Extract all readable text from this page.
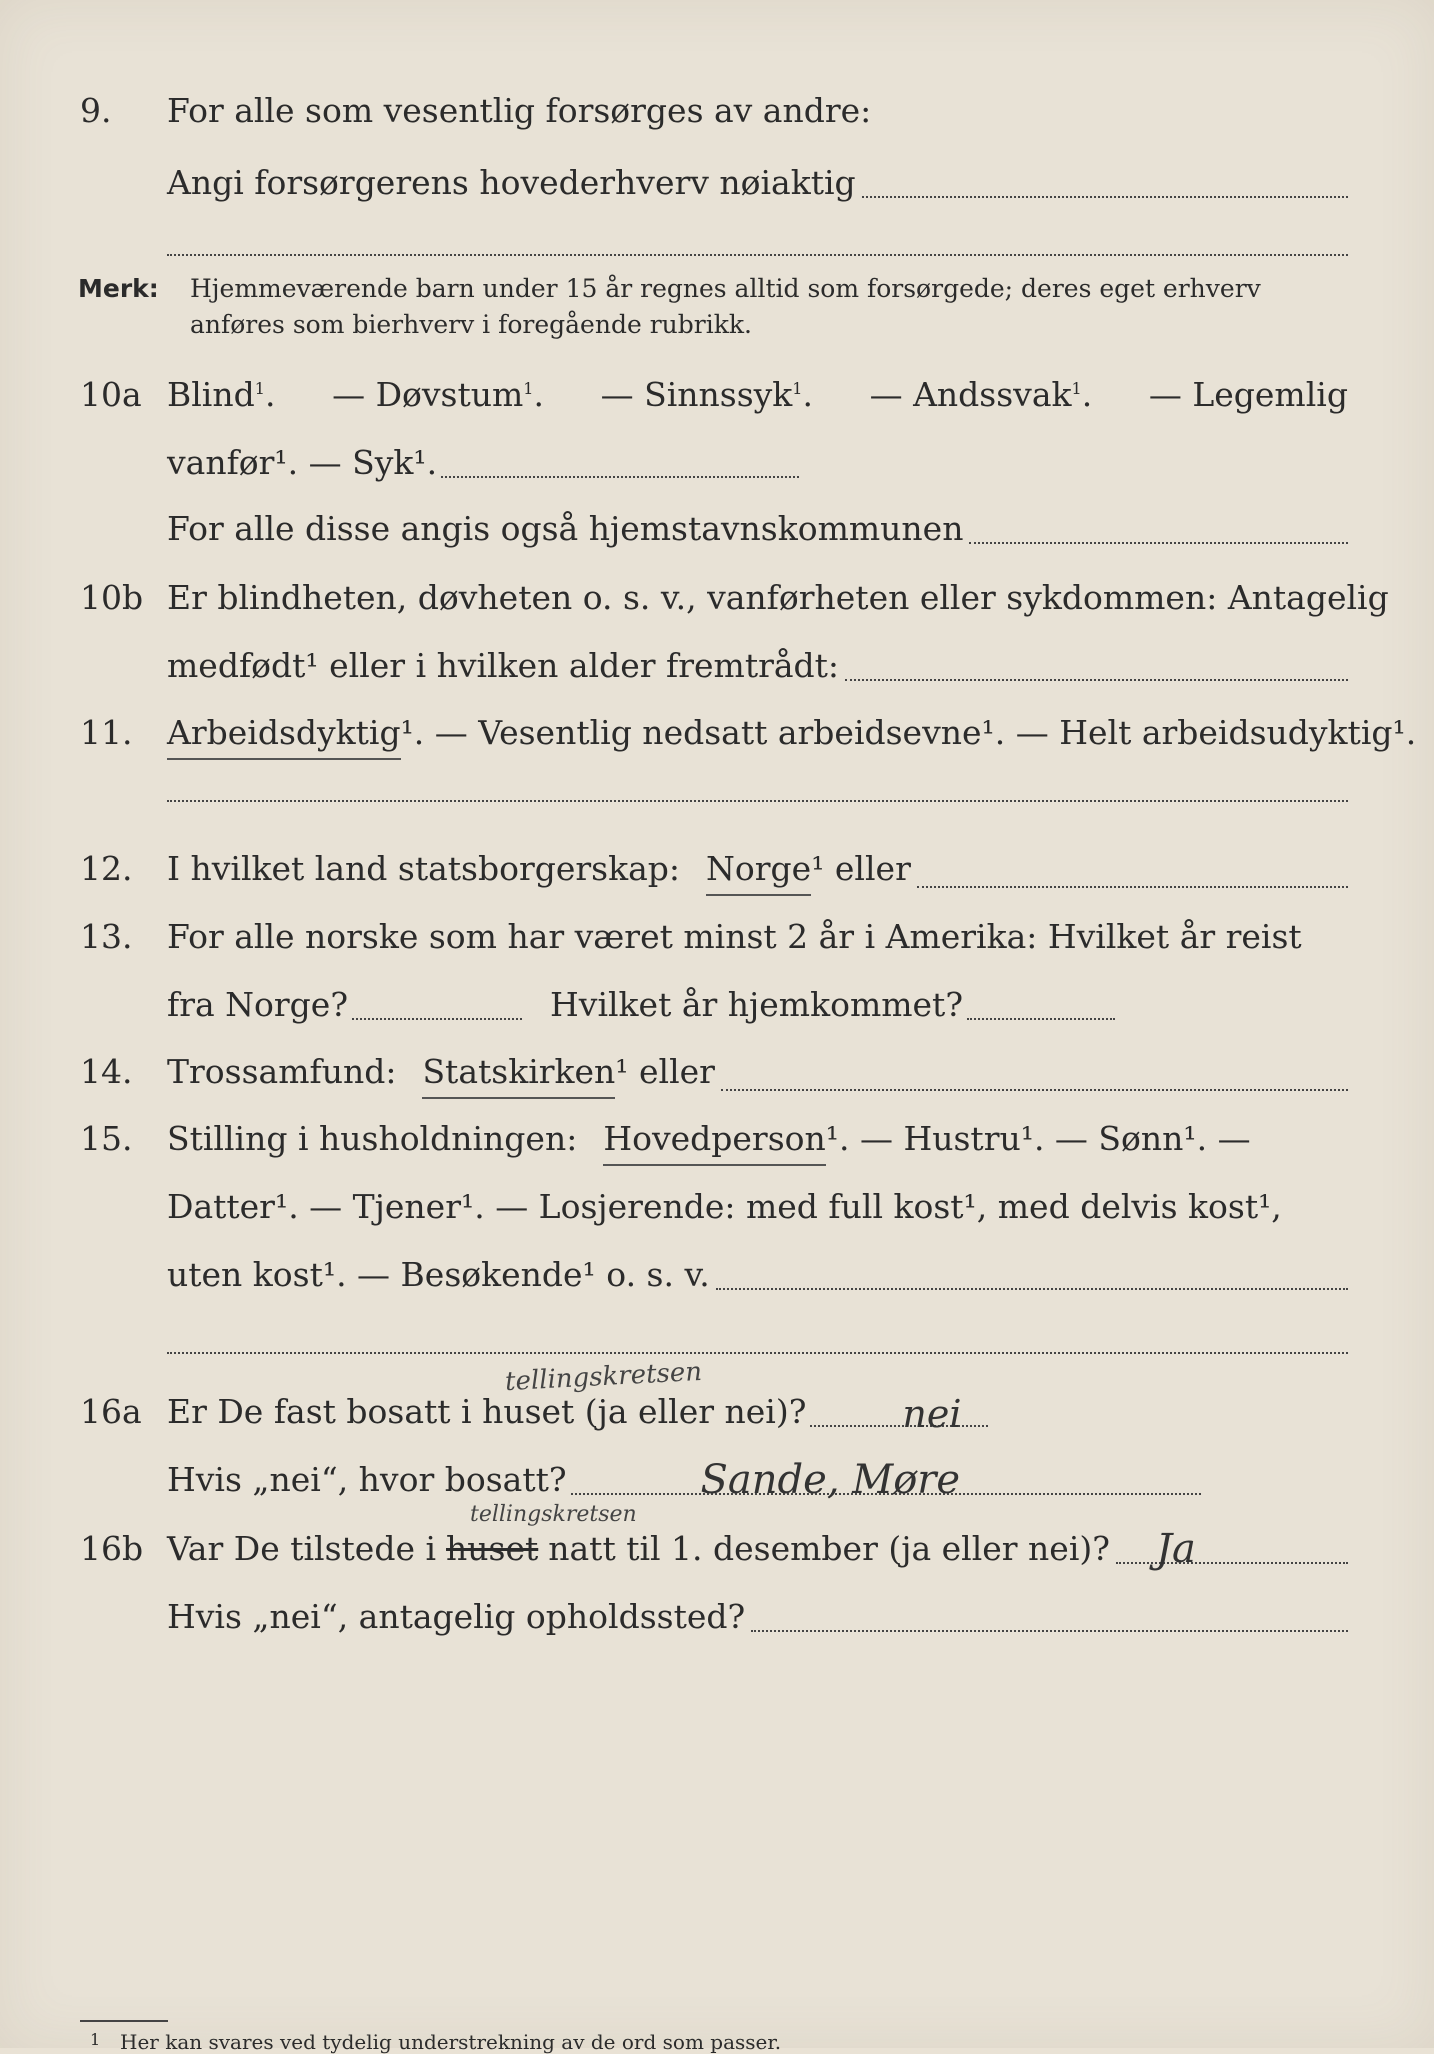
9. For alle som vesentlig forsørges av andre:
Angi forsørgerens hovederhverv nøiaktig
Merk: Hjemmeværende barn under 15 år regnes alltid som forsørgede; deres eget erhverv
anføres som bierhverv i foregående rubrikk.
10a Blind$^1$. — Døvstum$^1$. — Sinnssyk$^1$. — Andssvak$^1$. — Legemlig
vanfør¹. — Syk¹.
For alle disse angis også hjemstavnskommunen
10b Er blindheten, døvheten o. s. v., vanførheten eller sykdommen: Antagelig
medfødt¹ eller i hvilken alder fremtrådt:
11. Arbeidsdyktig ¹. — Vesentlig nedsatt arbeidsevne¹. — Helt arbeidsudyktig¹.
12. I hvilket land statsborgerskap: Norge ¹ eller
13. For alle norske som har været minst 2 år i Amerika: Hvilket år reist
fra Norge?	Hvilket år hjemkommet?
14. Trossamfund: Statskirken ¹ eller
15. Stilling i husholdningen: Hovedperson ¹. — Hustru¹. — Sønn¹. —
Datter¹. — Tjener¹. — Losjerende: med full kost¹, med delvis kost¹,
uten kost¹. — Besøkende¹ o. s. v.
tellingskretsen
16a Er De fast bosatt i huset (ja eller nei)?	nei
Hvis „nei“, hvor bosatt?	Sande, Møre
tellingskretsen
16b Var De tilstede i huset natt til 1. desember (ja eller nei)? Ja
Hvis „nei“, antagelig opholdssted?
1 Her kan svares ved tydelig understrekning av de ord som passer.
